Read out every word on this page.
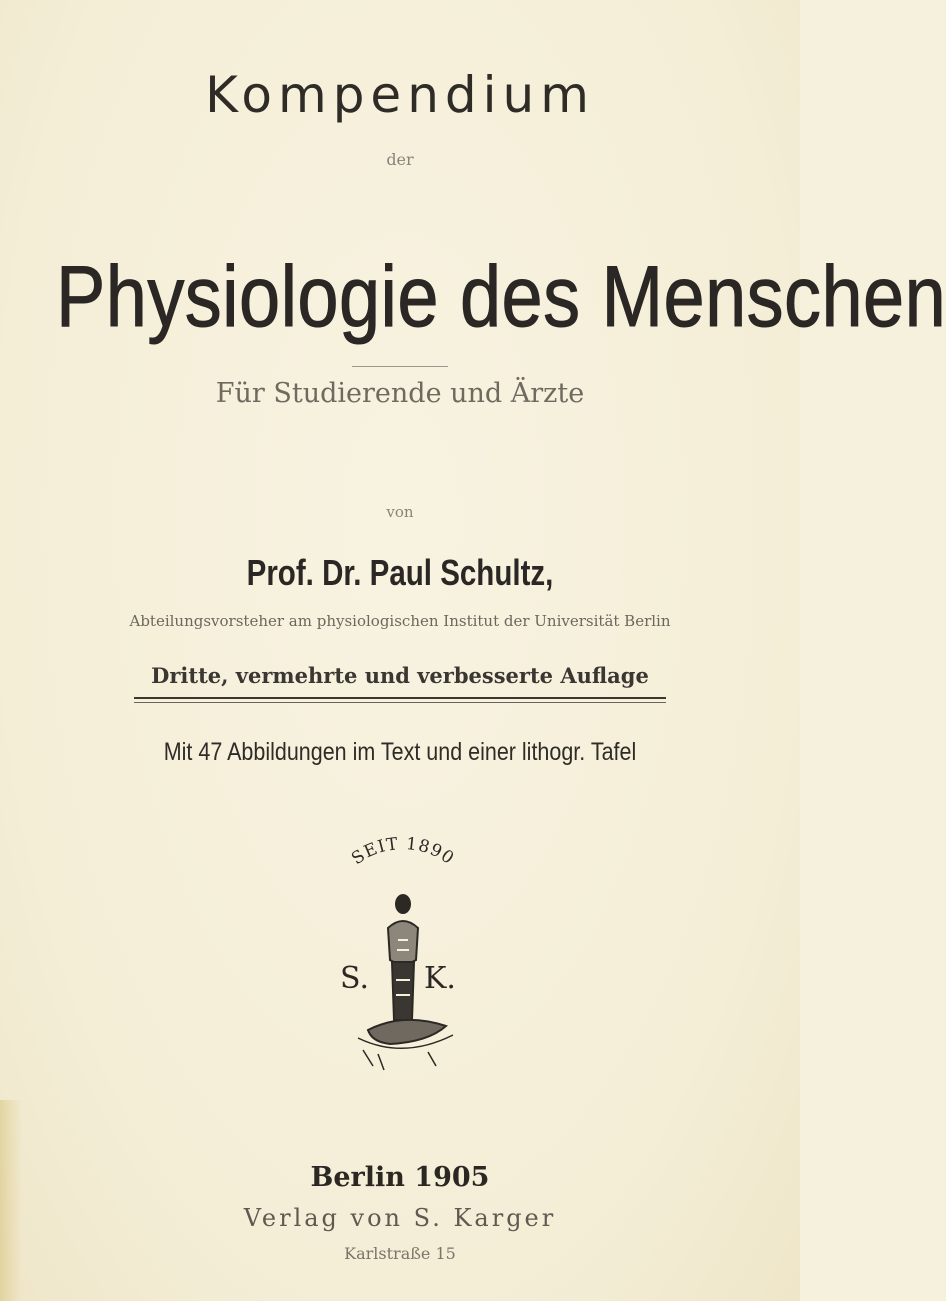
Kompendium
der
Physiologie des Menschen
Für Studierende und Ärzte
von
Prof. Dr. Paul Schultz,
Abteilungsvorsteher am physiologischen Institut der Universität Berlin
Dritte, vermehrte und verbesserte Auflage
Mit 47 Abbildungen im Text und einer lithogr. Tafel
SEIT 1890
S. K.
Berlin 1905
Verlag von S. Karger
Karlstraße 15
